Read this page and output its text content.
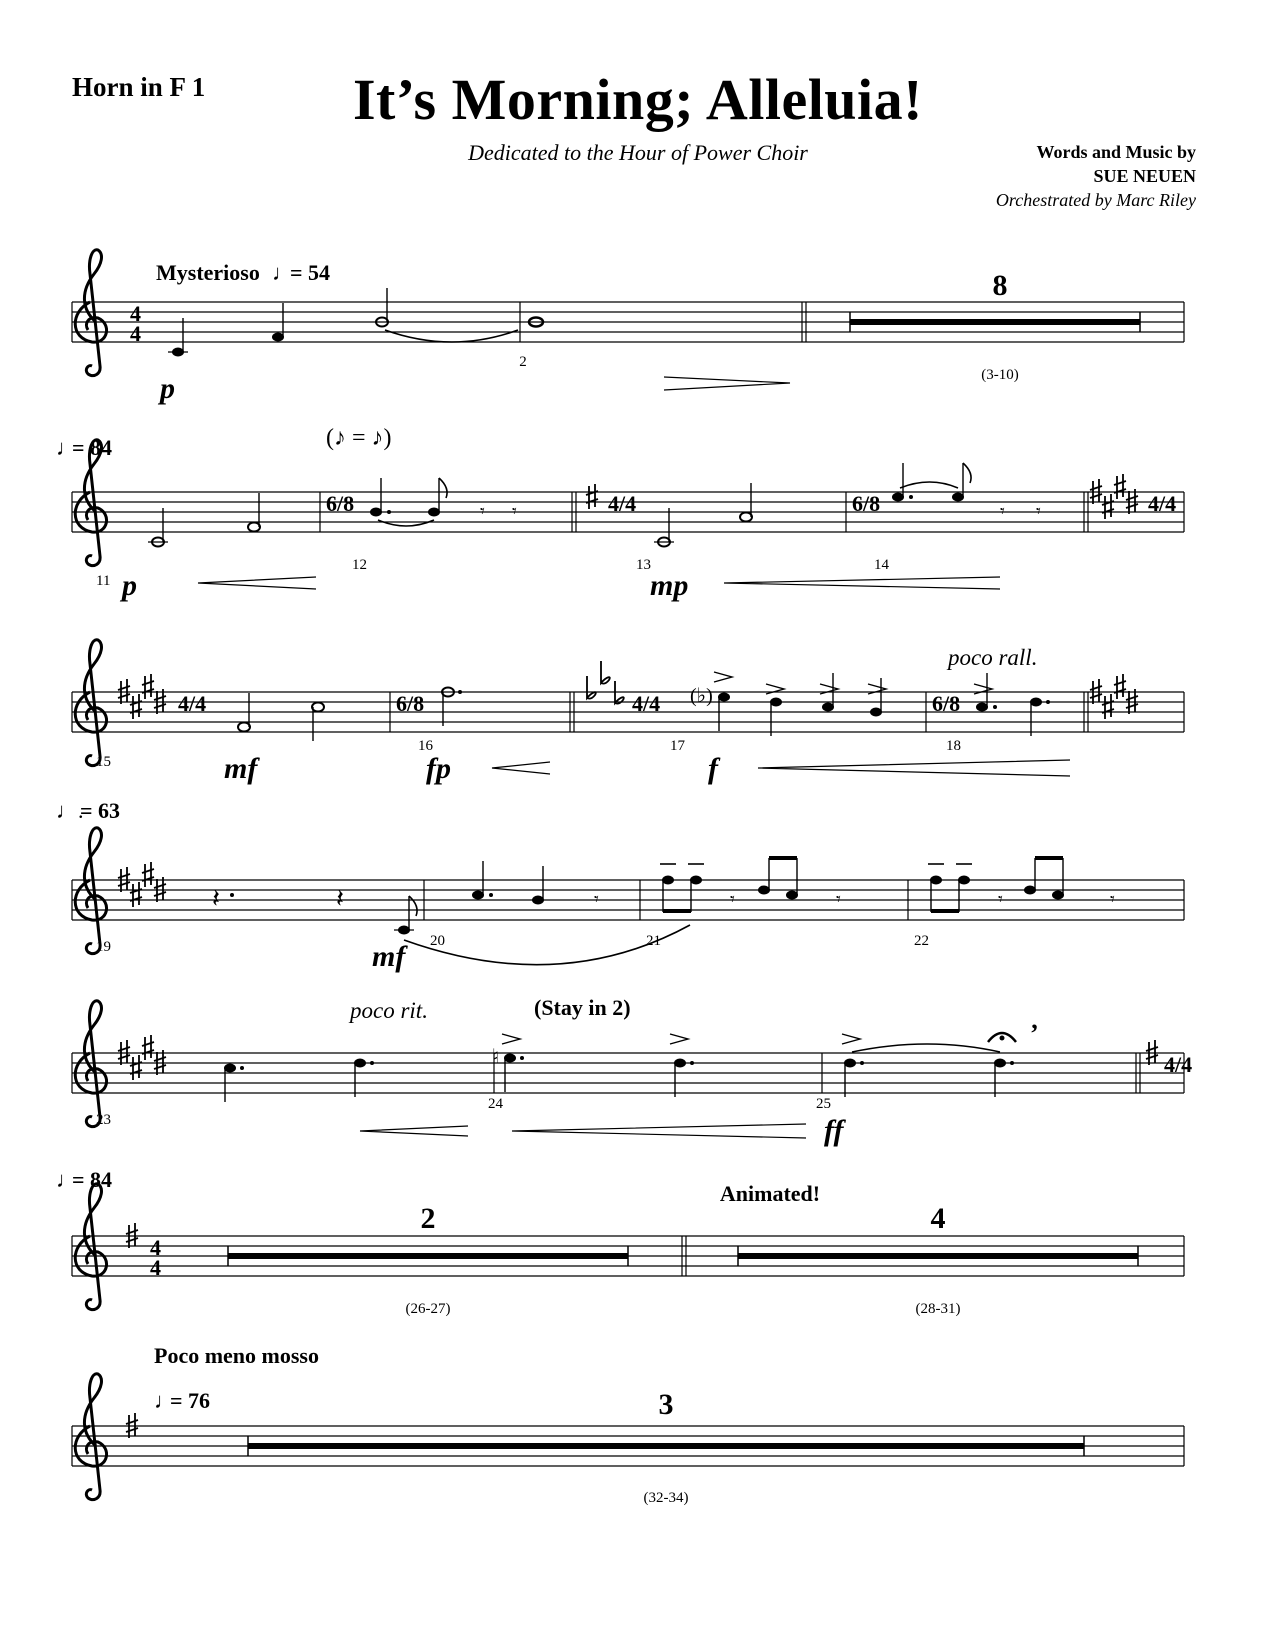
Horn in F 1	It’s Morning; Alleluia!
Dedicated to the Hour of Power Choir	Words and Music by
SUE NEUEN
Orchestrated by Marc Riley
4
4
Mysterioso ♩
= 54
p
2
8
(3-10)
♩
= 84	(♪ = ♪)
6/8	4/4	6/8	4/4
𝄾 𝄾	𝄾 𝄾
11
12	13	14
p	mp
4/4	6/8	4/4	6/8
poco rall.
(♭)
15
16	17	18
mf	fp	f
♩.
= 63
𝄽	𝄽	𝄾	𝄾	𝄾	𝄾	𝄾
19	20	21	22
mf
4/4
poco rit.	(Stay in 2)
♮
’
23
24	25
ff
4
4
♩
= 84
2
(26-27)
Animated!
4
(28-31)
Poco meno mosso
♩
= 76	3
(32-34)
